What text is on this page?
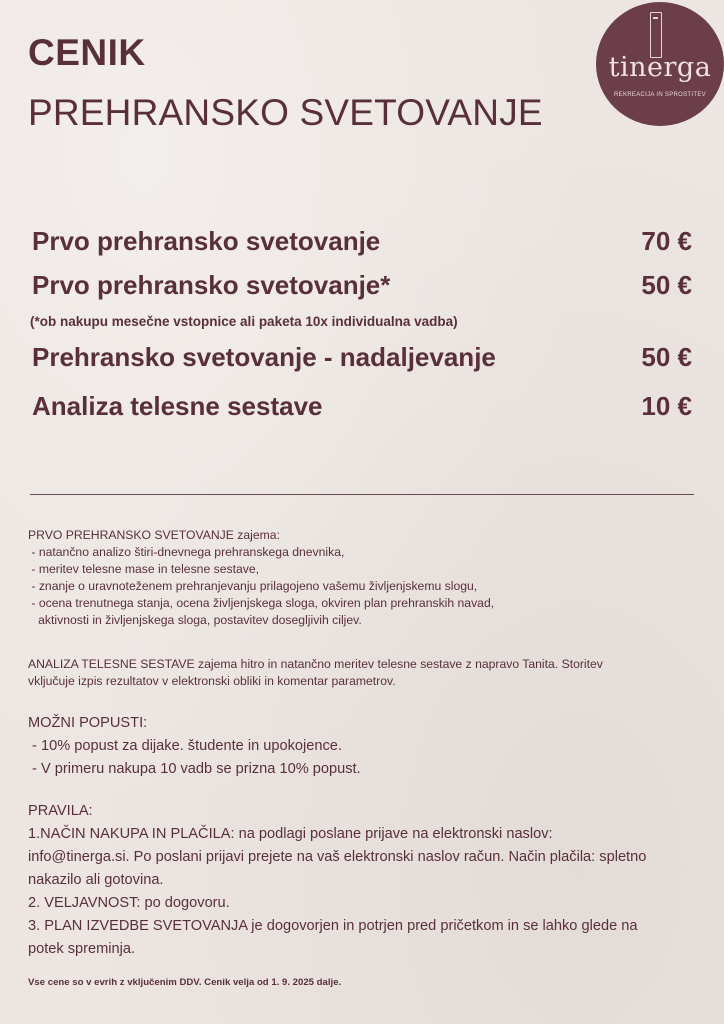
CENIK
PREHRANSKO SVETOVANJE
tinerga
REKREACIJA IN SPROSTITEV
Prvo prehransko svetovanje	70 €
Prvo prehransko svetovanje*	50 €
(*ob nakupu mesečne vstopnice ali paketa 10x individualna vadba)
Prehransko svetovanje - nadaljevanje	50 €
Analiza telesne sestave	10 €
PRVO PREHRANSKO SVETOVANJE zajema:
- natančno analizo štiri-dnevnega prehranskega dnevnika,
- meritev telesne mase in telesne sestave,
- znanje o uravnoteženem prehranjevanju prilagojeno vašemu življenjskemu slogu,
- ocena trenutnega stanja, ocena življenjskega sloga, okviren plan prehranskih navad,
aktivnosti in življenjskega sloga, postavitev dosegljivih ciljev.
ANALIZA TELESNE SESTAVE zajema hitro in natančno meritev telesne sestave z napravo Tanita. Storitev
vključuje izpis rezultatov v elektronski obliki in komentar parametrov.
MOŽNI POPUSTI:
- 10% popust za dijake. študente in upokojence.
- V primeru nakupa 10 vadb se prizna 10% popust.
PRAVILA:
1.NAČIN NAKUPA IN PLAČILA: na podlagi poslane prijave na elektronski naslov:
info@tinerga.si. Po poslani prijavi prejete na vaš elektronski naslov račun. Način plačila: spletno
nakazilo ali gotovina.
2. VELJAVNOST: po dogovoru.
3. PLAN IZVEDBE SVETOVANJA je dogovorjen in potrjen pred pričetkom in se lahko glede na
potek spreminja.
Vse cene so v evrih z vključenim DDV. Cenik velja od 1. 9. 2025 dalje.
